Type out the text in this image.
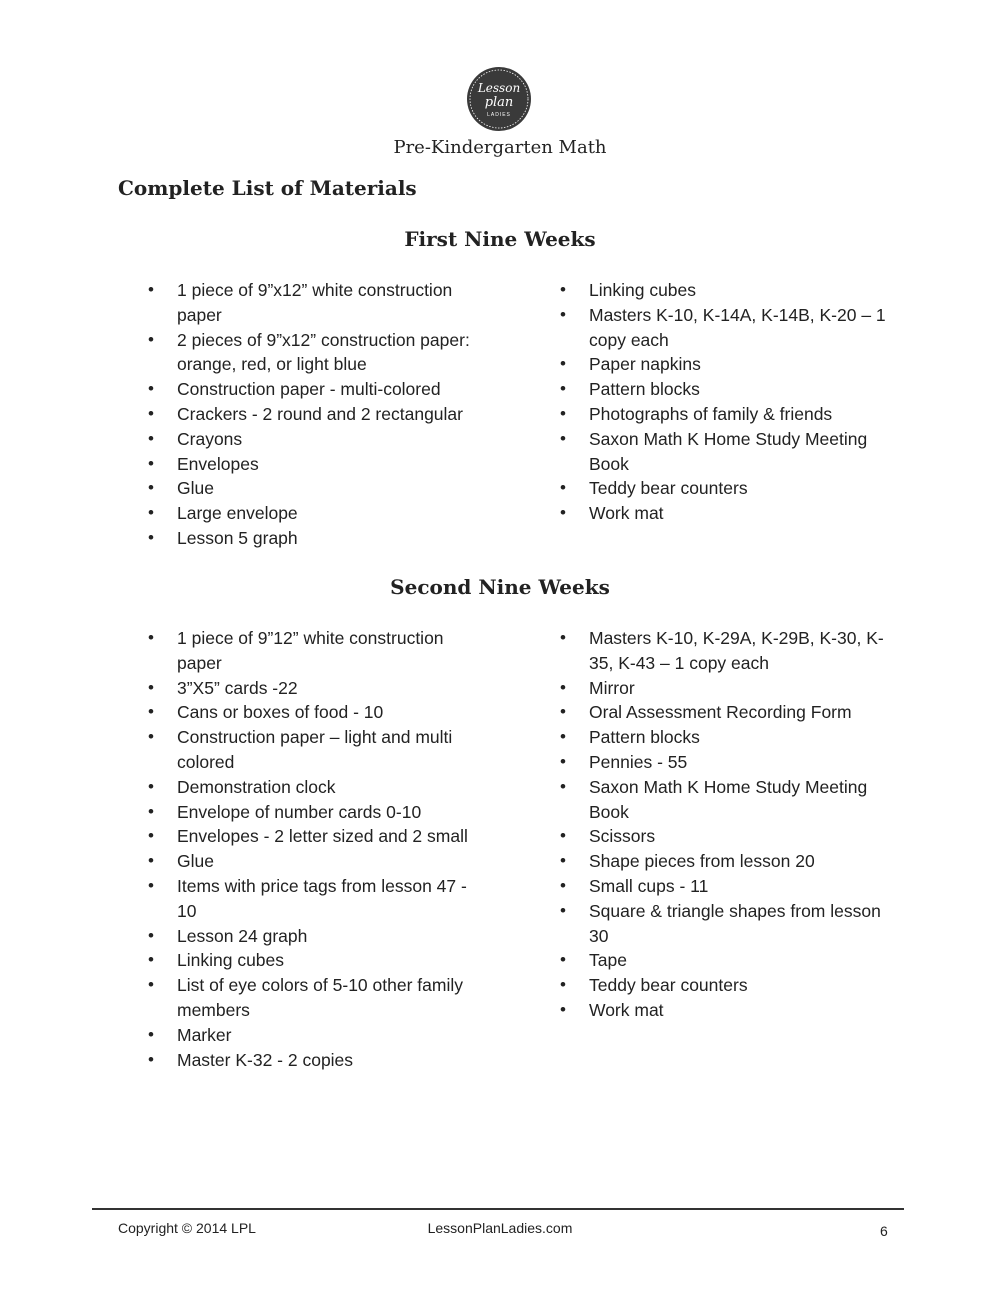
Lesson
plan
LADIES
Pre-Kindergarten Math
Complete List of Materials
First Nine Weeks
• 1 piece of 9”x12” white construction paper
• 2 pieces of 9”x12” construction paper: orange, red, or light blue
• Construction paper - multi-colored
• Crackers - 2 round and 2 rectangular
• Crayons
• Envelopes
• Glue
• Large envelope
• Lesson 5 graph
• Linking cubes
• Masters K-10, K-14A, K-14B, K-20 – 1 copy each
• Paper napkins
• Pattern blocks
• Photographs of family & friends
• Saxon Math K Home Study Meeting Book
• Teddy bear counters
• Work mat
Second Nine Weeks
• 1 piece of 9”12” white construction paper
• 3”X5” cards -22
• Cans or boxes of food - 10
• Construction paper – light and multi colored
• Demonstration clock
• Envelope of number cards 0-10
• Envelopes - 2 letter sized and 2 small
• Glue
• Items with price tags from lesson 47 - 10
• Lesson 24 graph
• Linking cubes
• List of eye colors of 5-10 other family members
• Marker
• Master K-32 - 2 copies
• Masters K-10, K-29A, K-29B, K-30, K-35, K-43 – 1 copy each
• Mirror
• Oral Assessment Recording Form
• Pattern blocks
• Pennies - 55
• Saxon Math K Home Study Meeting Book
• Scissors
• Shape pieces from lesson 20
• Small cups - 11
• Square & triangle shapes from lesson 30
• Tape
• Teddy bear counters
• Work mat
Copyright © 2014 LPL	LessonPlanLadies.com	6
